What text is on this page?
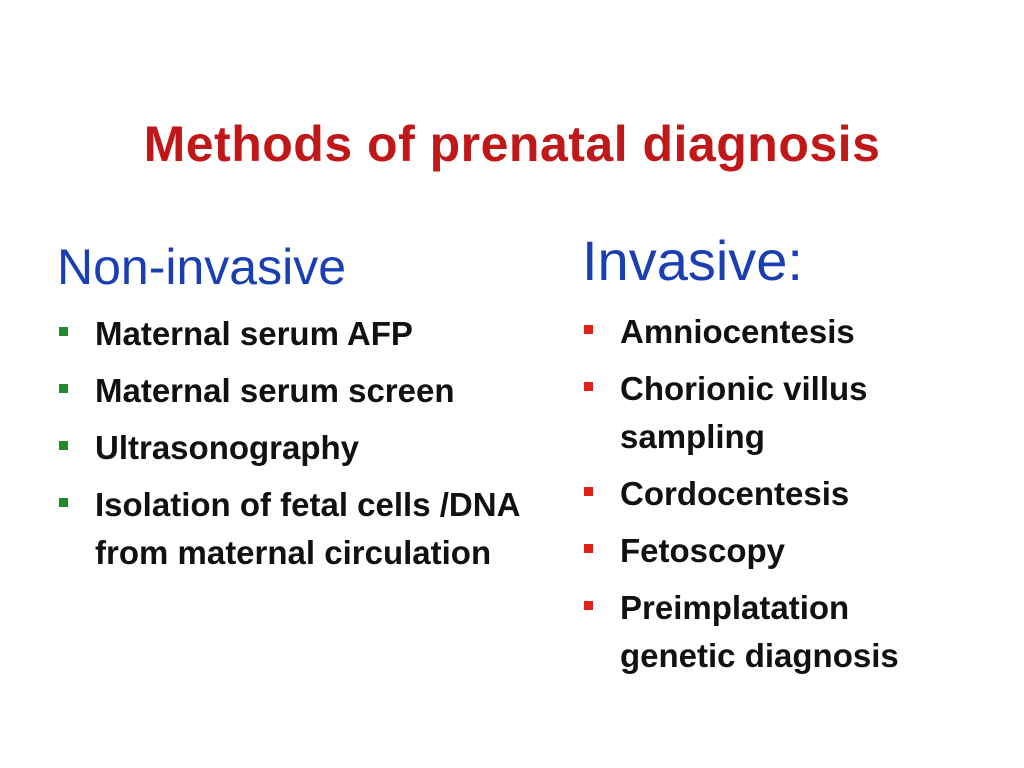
Methods of prenatal diagnosis
Non-invasive
Maternal serum AFP
Maternal serum screen
Ultrasonography
Isolation of fetal cells /DNA from maternal circulation
Invasive:
Amniocentesis
Chorionic villus sampling
Cordocentesis
Fetoscopy
Preimplatation genetic diagnosis
